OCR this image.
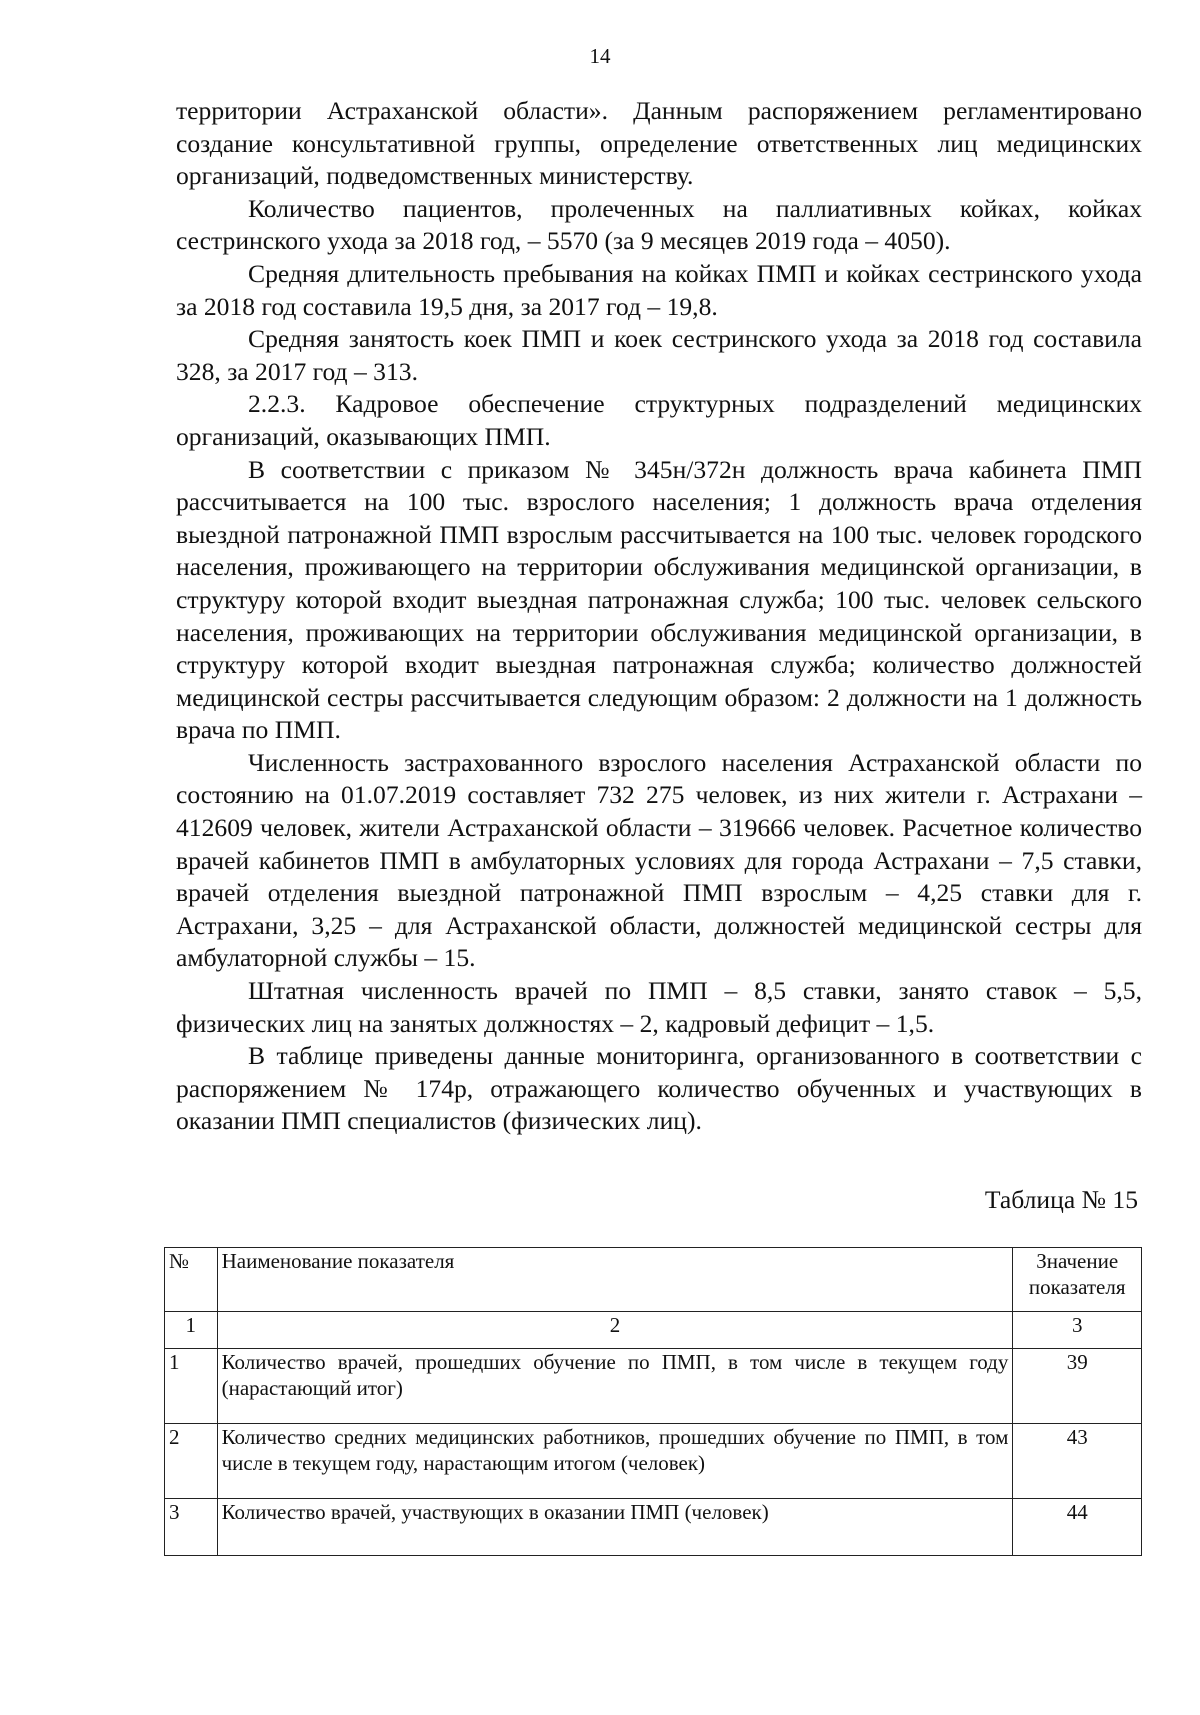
14

территории Астраханской области». Данным распоряжением регламентировано создание консультативной группы, определение ответственных лиц медицинских организаций, подведомственных министерству.

Количество пациентов, пролеченных на паллиативных койках, койках сестринского ухода за 2018 год, – 5570 (за 9 месяцев 2019 года – 4050).

Средняя длительность пребывания на койках ПМП и койках сестринского ухода за 2018 год составила 19,5 дня, за 2017 год – 19,8.

Средняя занятость коек ПМП и коек сестринского ухода за 2018 год составила 328, за 2017 год – 313.

2.2.3. Кадровое обеспечение структурных подразделений медицинских организаций, оказывающих ПМП.

В соответствии с приказом № 345н/372н должность врача кабинета ПМП рассчитывается на 100 тыс. взрослого населения; 1 должность врача отделения выездной патронажной ПМП взрослым рассчитывается на 100 тыс. человек городского населения, проживающего на территории обслуживания медицинской организации, в структуру которой входит выездная патронажная служба; 100 тыс. человек сельского населения, проживающих на территории обслуживания медицинской организации, в структуру которой входит выездная патронажная служба; количество должностей медицинской сестры рассчитывается следующим образом: 2 должности на 1 должность врача по ПМП.

Численность застрахованного взрослого населения Астраханской области по состоянию на 01.07.2019 составляет 732 275 человек, из них жители г. Астрахани – 412609 человек, жители Астраханской области – 319666 человек. Расчетное количество врачей кабинетов ПМП в амбулаторных условиях для города Астрахани – 7,5 ставки, врачей отделения выездной патронажной ПМП взрослым – 4,25 ставки для г. Астрахани, 3,25 – для Астраханской области, должностей медицинской сестры для амбулаторной службы – 15.

Штатная численность врачей по ПМП – 8,5 ставки, занято ставок – 5,5, физических лиц на занятых должностях – 2, кадровый дефицит – 1,5.

В таблице приведены данные мониторинга, организованного в соответствии с распоряжением № 174р, отражающего количество обученных и участвующих в оказании ПМП специалистов (физических лиц).

Таблица № 15
№	Наименование показателя	Значение показателя
1	2	3
1	Количество врачей, прошедших обучение по ПМП, в том числе в текущем году (нарастающий итог)	39
2	Количество средних медицинских работников, прошедших обучение по ПМП, в том числе в текущем году, нарастающим итогом (человек)	43
3	Количество врачей, участвующих в оказании ПМП (человек)	44
